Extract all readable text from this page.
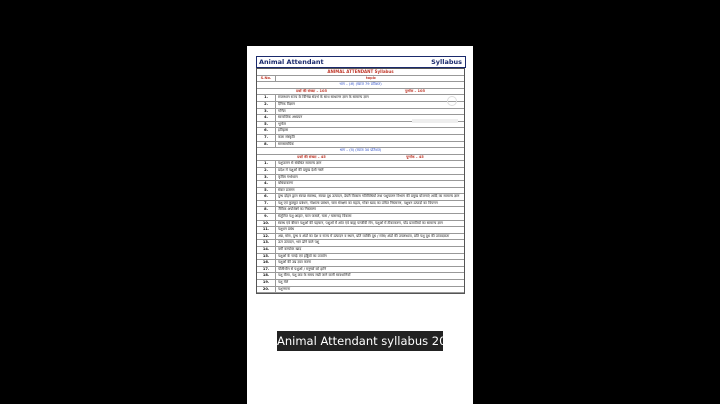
Animal Attendant	Syllabus
ANIMAL ATTENDANT Syllabus
S.No.	topic
भाग – (अ) (ब्याज 79 प्रतिशत)
प्रश्नों की संख्या – 105	पूर्णांक – 105
1.	राजस्थान राज्य के विभिन्न संदर्भ के साथ साधारण ज्ञान के सामान्य ज्ञान
2.	दैनिक विज्ञान
3.	गणित
4.	सामाजिक अध्ययन
5.	भूगोल
6.	इतिहास
7.	कला संस्कृति
8.	समसामयिक
भाग – (ब) (ब्याज 30 प्रतिशत)
प्रश्नों की संख्या – 45	पूर्णांक – 45
1.	पशुपालन से संबंधित सामान्य ज्ञान
2.	प्रदेश में पशुओं की प्रमुख देशी नस्लें
3.	कृत्रिम गर्भाधान
4.	बधियाकरण
5.	संकर प्रजनन
6.	दुग्ध दोहन द्वारा स्वच्छ स्वास्थ्य, स्वच्छ दूध उत्पादन, डेयरी विकास गतिविधियों तथा पशुपालन विभाग की प्रमुख योजनाएं आदि का सामान्य ज्ञान
7.	पशु एवं कुक्कुट प्रबंधन, गोशाला प्रबंधन, चारा संरक्षण का महत्व, गोबर खाद का उचित निस्तारण, पशुधन उत्पादों का विपणन
8.	जैविक अपशिष्टों का निस्तारण
9.	संतुलित पशु आहार, चारा फसलें, चारा / चारागाह विकास
10.	स्वस्थ एवं बीमार पशुओं की पहचान, पशुओं में आंत एवं बाह्य परजीवी रोग, पशुओं में टीकाकरण, पोंड प्रजातियों का सामान्य ज्ञान
11.	पशुधन प्रबंध
12.	अन्न, मांस, दुग्ध व अंडों का देश व राज्य में उत्पादन व स्थान, प्रति व्यक्ति दूध / मांस/ अंडों की उपलब्धता, प्रति पशु दूध की उत्पादकता
13.	ऊन उत्पादन, भार ढोने वाले पशु
14.	वर्मी कम्पोस्ट खाद
15.	पशुओं के चमड़े एवं हड्डियों का उपयोग
16.	पशुओं की उम्र ज्ञात करना
17.	पॉलीथीन से पशुओं / मनुष्यों को हानि
18.	पशु बीमा, पशु क्रय के समय रखी जाने वाली सावधानियाँ
19.	पशु मेले
20.	पशुगणना
Animal Attendant syllabus 2024
